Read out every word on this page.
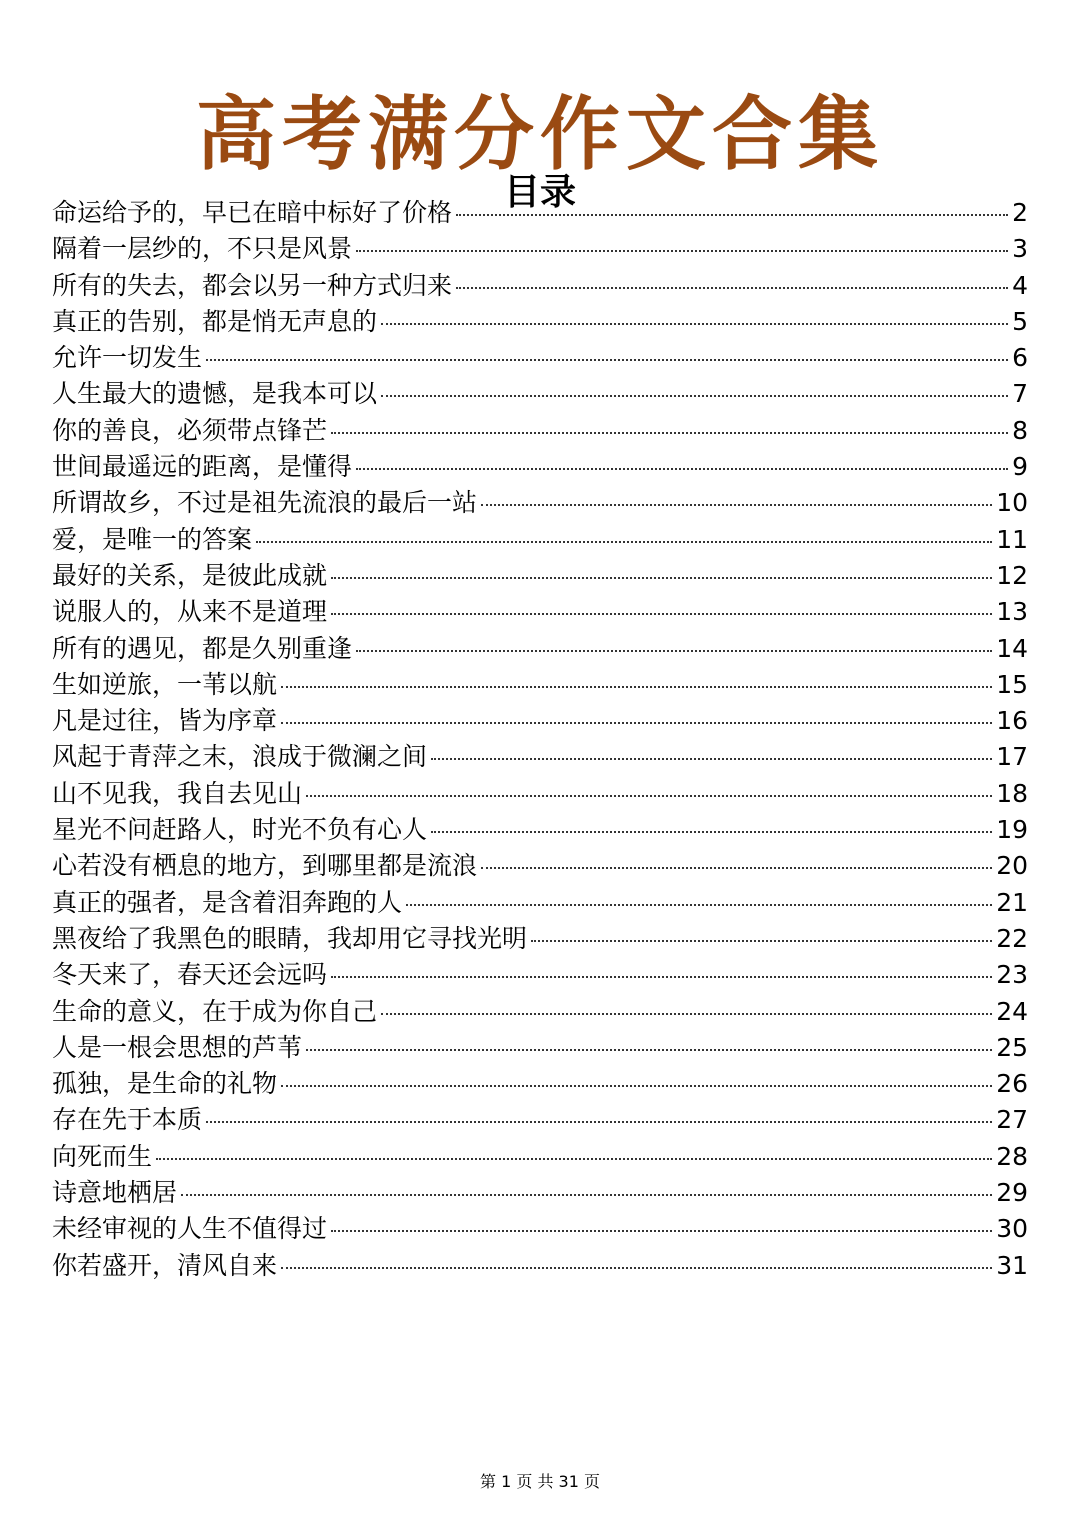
高考满分作文合集
目录
命运给予的，早已在暗中标好了价格	2
隔着一层纱的，不只是风景	3
所有的失去，都会以另一种方式归来	4
真正的告别，都是悄无声息的	5
允许一切发生	6
人生最大的遗憾，是我本可以	7
你的善良，必须带点锋芒	8
世间最遥远的距离，是懂得	9
所谓故乡，不过是祖先流浪的最后一站	10
爱，是唯一的答案	11
最好的关系，是彼此成就	12
说服人的，从来不是道理	13
所有的遇见，都是久别重逢	14
生如逆旅，一苇以航	15
凡是过往，皆为序章	16
风起于青萍之末，浪成于微澜之间	17
山不见我，我自去见山	18
星光不问赶路人，时光不负有心人	19
心若没有栖息的地方，到哪里都是流浪	20
真正的强者，是含着泪奔跑的人	21
黑夜给了我黑色的眼睛，我却用它寻找光明	22
冬天来了，春天还会远吗	23
生命的意义，在于成为你自己	24
人是一根会思想的芦苇	25
孤独，是生命的礼物	26
存在先于本质	27
向死而生	28
诗意地栖居	29
未经审视的人生不值得过	30
你若盛开，清风自来	31
第 1 页 共 31 页
